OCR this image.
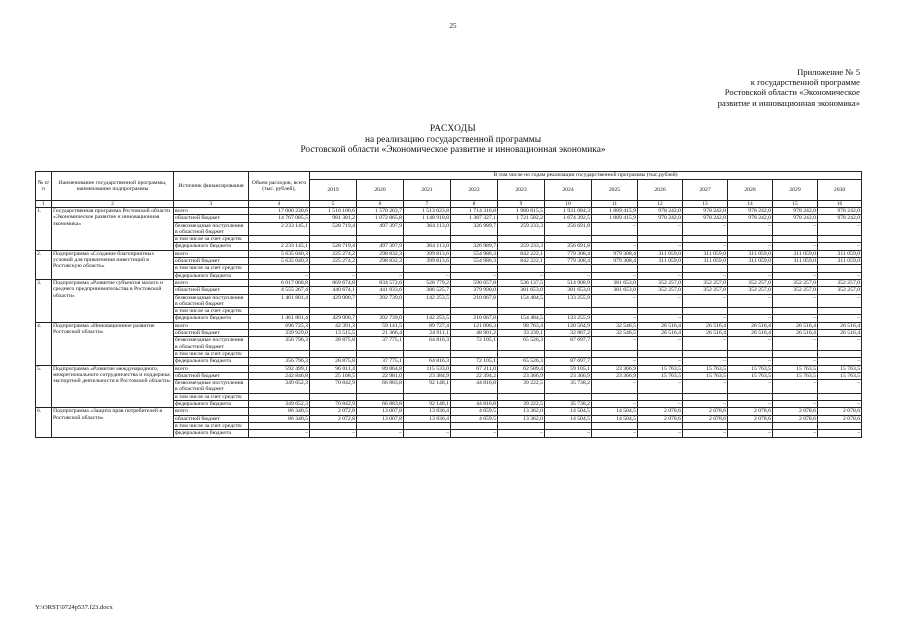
25
Приложение № 5
к государственной программе
Ростовской области «Экономическое
развитие и инновационная экономика»
РАСХОДЫ
на реализацию государственной программы
Ростовской области «Экономическое развитие и инновационная экономика»
№ п/п	Наименование государственной программы, наименование подпрограммы	Источник финансирования	Объем расходов, всего (тыс. рублей),	В том числе по годам реализации государственной программы (тыс.рублей)											
				2019	2020	2021	2022	2023	2024	2025	2026	2027	2028	2029	2030
1	2	3	4	5	6	7	8	9	10	11	12	13	14	15	16
1.	Государственная программа Ростовской области «Экономическое развитие и инновационная экономика»	всего	17 000 230,6	1 510 100,6	1 570 263,7	1 513 023,8	1 714 316,8	1 980 815,5	1 931 084,3	1 889 415,9	978 242,0	978 242,0	978 242,0	978 242,0	978 242,0
		областной бюджет	14 767 085,5	981 381,2	1 072 865,8	1 148 910,8	1 387 327,1	1 721 582,2	1 674 392,5	1 889 415,9	978 242,0	978 242,0	978 242,0	978 242,0	978 242,0
		безвозмездные поступления в областной бюджет	2 233 145,1	528 719,4	497 397,9	364 113,0	326 989,7	259 233,3	256 691,8	–	–	–	–	–	–
		в том числе за счет средств:													
		федерального бюджета	2 233 145,1	528 719,4	497 397,9	364 113,0	326 989,7	259 233,3	256 691,8	–	–	–	–	–	–
2.	Подпрограмма «Создание благоприятных условий для привлечения инвестиций в Ростовскую область»	всего	5 635 040,3	225 274,2	298 832,3	399 813,6	554 986,3	842 222,1	779 308,4	979 308,4	311 059,0	311 059,0	311 059,0	311 059,0	311 059,0
		областной бюджет	5 635 040,3	225 274,2	298 832,3	399 813,6	554 986,3	842 222,1	779 308,4	979 308,4	311 059,0	311 059,0	311 059,0	311 059,0	311 059,0
		в том числе за счет средств:													
		федерального бюджета	–	–	–	–	–	–	–	–	–	–	–	–	–
3.	Подпрограмма «Развитие субъектов малого и среднего предпринимательства в Ростовской области»	всего	6 017 068,8	869 674,8	834 572,6	528 779,2	590 057,8	536 137,5	514 908,9	381 653,0	352 257,0	352 257,0	352 257,0	352 257,0	352 257,0
		областной бюджет	4 555 267,4	440 674,1	441 833,6	386 525,7	379 990,0	381 653,0	381 653,0	381 653,0	352 257,0	352 257,0	352 257,0	352 257,0	352 257,0
		безвозмездные поступления в областной бюджет	1 461 801,4	429 000,7	392 739,0	142 253,5	210 067,8	154 484,5	133 255,9	–	–	–	–	–	–
		в том числе за счет средств:													
		федерального бюджета	1 461 801,4	429 000,7	392 739,0	142 253,5	210 067,8	154 484,5	133 255,9	–	–	–	–	–	–
4.	Подпрограмма «Инновационное развитие Ростовской области»	всего	696 725,3	42 391,3	59 141,5	89 727,4	121 006,3	98 763,4	120 564,9	32 546,5	26 516,4	26 516,4	26 516,4	26 516,4	26 516,4
		областной бюджет	339 929,0	13 515,5	21 366,4	24 911,1	48 901,2	33 239,1	32 867,2	32 546,5	26 516,4	26 516,4	26 516,4	26 516,4	26 516,4
		безвозмездные поступления в областной бюджет	356 796,3	28 875,8	37 775,1	64 816,3	72 105,1	65 526,3	87 697,7	–	–	–	–	–	–
		в том числе за счет средств:													
		федерального бюджета	356 796,3	28 875,8	37 775,1	64 816,3	72 105,1	65 526,3	87 697,7	–	–	–	–	–	–
5.	Подпрограмма «Развитие международного, межрегионального сотрудничества и поддержка экспортной деятельности в Ростовской области»	всего	592 499,1	96 011,4	89 864,8	115 533,0	67 211,0	62 589,4	59 105,1	23 366,9	15 763,5	15 763,5	15 763,5	15 763,5	15 763,5
		областной бюджет	242 846,8	25 168,5	22 981,0	23 384,9	22 394,2	23 366,9	23 366,9	23 366,9	15 763,5	15 763,5	15 763,5	15 763,5	15 763,5
		безвозмездные поступления в областной бюджет	349 652,3	70 842,9	66 883,8	92 148,1	44 816,8	39 222,5	35 738,2	–	–	–	–	–	–
		в том числе за счет средств:													
		федерального бюджета	349 652,3	70 842,9	66 883,8	92 148,1	44 816,8	39 222,5	35 738,2	–	–	–	–	–	–
6.	Подпрограмма «Защита прав потребителей в Ростовской области»	всего	86 340,5	2 072,8	13 007,8	13 836,4	4 659,5	13 362,0	14 504,5	14 504,5	2 078,6	2 078,6	2 078,6	2 078,6	2 078,6
		областной бюджет	86 340,5	2 072,8	13 007,8	13 836,4	4 659,5	13 362,0	14 504,5	14 504,5	2 078,6	2 078,6	2 078,6	2 078,6	2 078,6
		в том числе за счет средств:													
		федерального бюджета	–	–	–	–	–	–	–	–	–	–	–	–	–
Y:\ORST\0724p537.f23.docx
